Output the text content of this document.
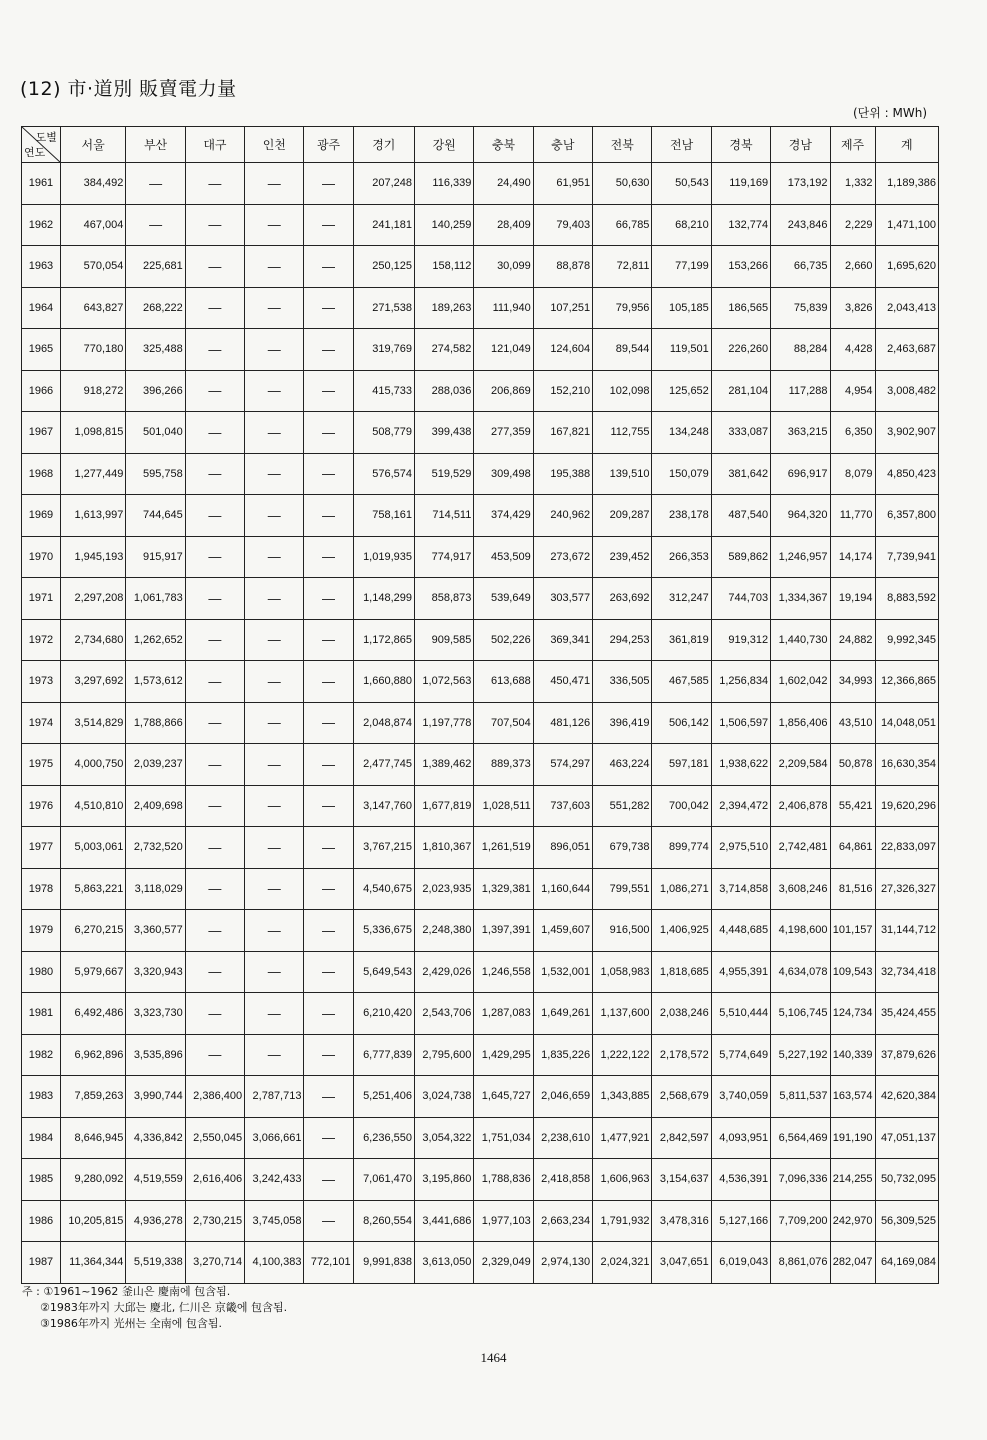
(12) 市·道別 販賣電力量
(단위 : MWh)
도별
연도	서울	부산	대구	인천	광주	경기	강원	충북	충남	전북	전남	경북	경남	제주	계
1961	384,492	—	—	—	—	207,248	116,339	24,490	61,951	50,630	50,543	119,169	173,192	1,332	1,189,386
1962	467,004	—	—	—	—	241,181	140,259	28,409	79,403	66,785	68,210	132,774	243,846	2,229	1,471,100
1963	570,054	225,681	—	—	—	250,125	158,112	30,099	88,878	72,811	77,199	153,266	66,735	2,660	1,695,620
1964	643,827	268,222	—	—	—	271,538	189,263	111,940	107,251	79,956	105,185	186,565	75,839	3,826	2,043,413
1965	770,180	325,488	—	—	—	319,769	274,582	121,049	124,604	89,544	119,501	226,260	88,284	4,428	2,463,687
1966	918,272	396,266	—	—	—	415,733	288,036	206,869	152,210	102,098	125,652	281,104	117,288	4,954	3,008,482
1967	1,098,815	501,040	—	—	—	508,779	399,438	277,359	167,821	112,755	134,248	333,087	363,215	6,350	3,902,907
1968	1,277,449	595,758	—	—	—	576,574	519,529	309,498	195,388	139,510	150,079	381,642	696,917	8,079	4,850,423
1969	1,613,997	744,645	—	—	—	758,161	714,511	374,429	240,962	209,287	238,178	487,540	964,320	11,770	6,357,800
1970	1,945,193	915,917	—	—	—	1,019,935	774,917	453,509	273,672	239,452	266,353	589,862	1,246,957	14,174	7,739,941
1971	2,297,208	1,061,783	—	—	—	1,148,299	858,873	539,649	303,577	263,692	312,247	744,703	1,334,367	19,194	8,883,592
1972	2,734,680	1,262,652	—	—	—	1,172,865	909,585	502,226	369,341	294,253	361,819	919,312	1,440,730	24,882	9,992,345
1973	3,297,692	1,573,612	—	—	—	1,660,880	1,072,563	613,688	450,471	336,505	467,585	1,256,834	1,602,042	34,993	12,366,865
1974	3,514,829	1,788,866	—	—	—	2,048,874	1,197,778	707,504	481,126	396,419	506,142	1,506,597	1,856,406	43,510	14,048,051
1975	4,000,750	2,039,237	—	—	—	2,477,745	1,389,462	889,373	574,297	463,224	597,181	1,938,622	2,209,584	50,878	16,630,354
1976	4,510,810	2,409,698	—	—	—	3,147,760	1,677,819	1,028,511	737,603	551,282	700,042	2,394,472	2,406,878	55,421	19,620,296
1977	5,003,061	2,732,520	—	—	—	3,767,215	1,810,367	1,261,519	896,051	679,738	899,774	2,975,510	2,742,481	64,861	22,833,097
1978	5,863,221	3,118,029	—	—	—	4,540,675	2,023,935	1,329,381	1,160,644	799,551	1,086,271	3,714,858	3,608,246	81,516	27,326,327
1979	6,270,215	3,360,577	—	—	—	5,336,675	2,248,380	1,397,391	1,459,607	916,500	1,406,925	4,448,685	4,198,600	101,157	31,144,712
1980	5,979,667	3,320,943	—	—	—	5,649,543	2,429,026	1,246,558	1,532,001	1,058,983	1,818,685	4,955,391	4,634,078	109,543	32,734,418
1981	6,492,486	3,323,730	—	—	—	6,210,420	2,543,706	1,287,083	1,649,261	1,137,600	2,038,246	5,510,444	5,106,745	124,734	35,424,455
1982	6,962,896	3,535,896	—	—	—	6,777,839	2,795,600	1,429,295	1,835,226	1,222,122	2,178,572	5,774,649	5,227,192	140,339	37,879,626
1983	7,859,263	3,990,744	2,386,400	2,787,713	—	5,251,406	3,024,738	1,645,727	2,046,659	1,343,885	2,568,679	3,740,059	5,811,537	163,574	42,620,384
1984	8,646,945	4,336,842	2,550,045	3,066,661	—	6,236,550	3,054,322	1,751,034	2,238,610	1,477,921	2,842,597	4,093,951	6,564,469	191,190	47,051,137
1985	9,280,092	4,519,559	2,616,406	3,242,433	—	7,061,470	3,195,860	1,788,836	2,418,858	1,606,963	3,154,637	4,536,391	7,096,336	214,255	50,732,095
1986	10,205,815	4,936,278	2,730,215	3,745,058	—	8,260,554	3,441,686	1,977,103	2,663,234	1,791,932	3,478,316	5,127,166	7,709,200	242,970	56,309,525
1987	11,364,344	5,519,338	3,270,714	4,100,383	772,101	9,991,838	3,613,050	2,329,049	2,974,130	2,024,321	3,047,651	6,019,043	8,861,076	282,047	64,169,084
주 : ①1961~1962 釜山은 慶南에 包含됨.
②1983年까지 大邱는 慶北, 仁川은 京畿에 包含됨.
③1986年까지 光州는 全南에 包含됨.
1464
